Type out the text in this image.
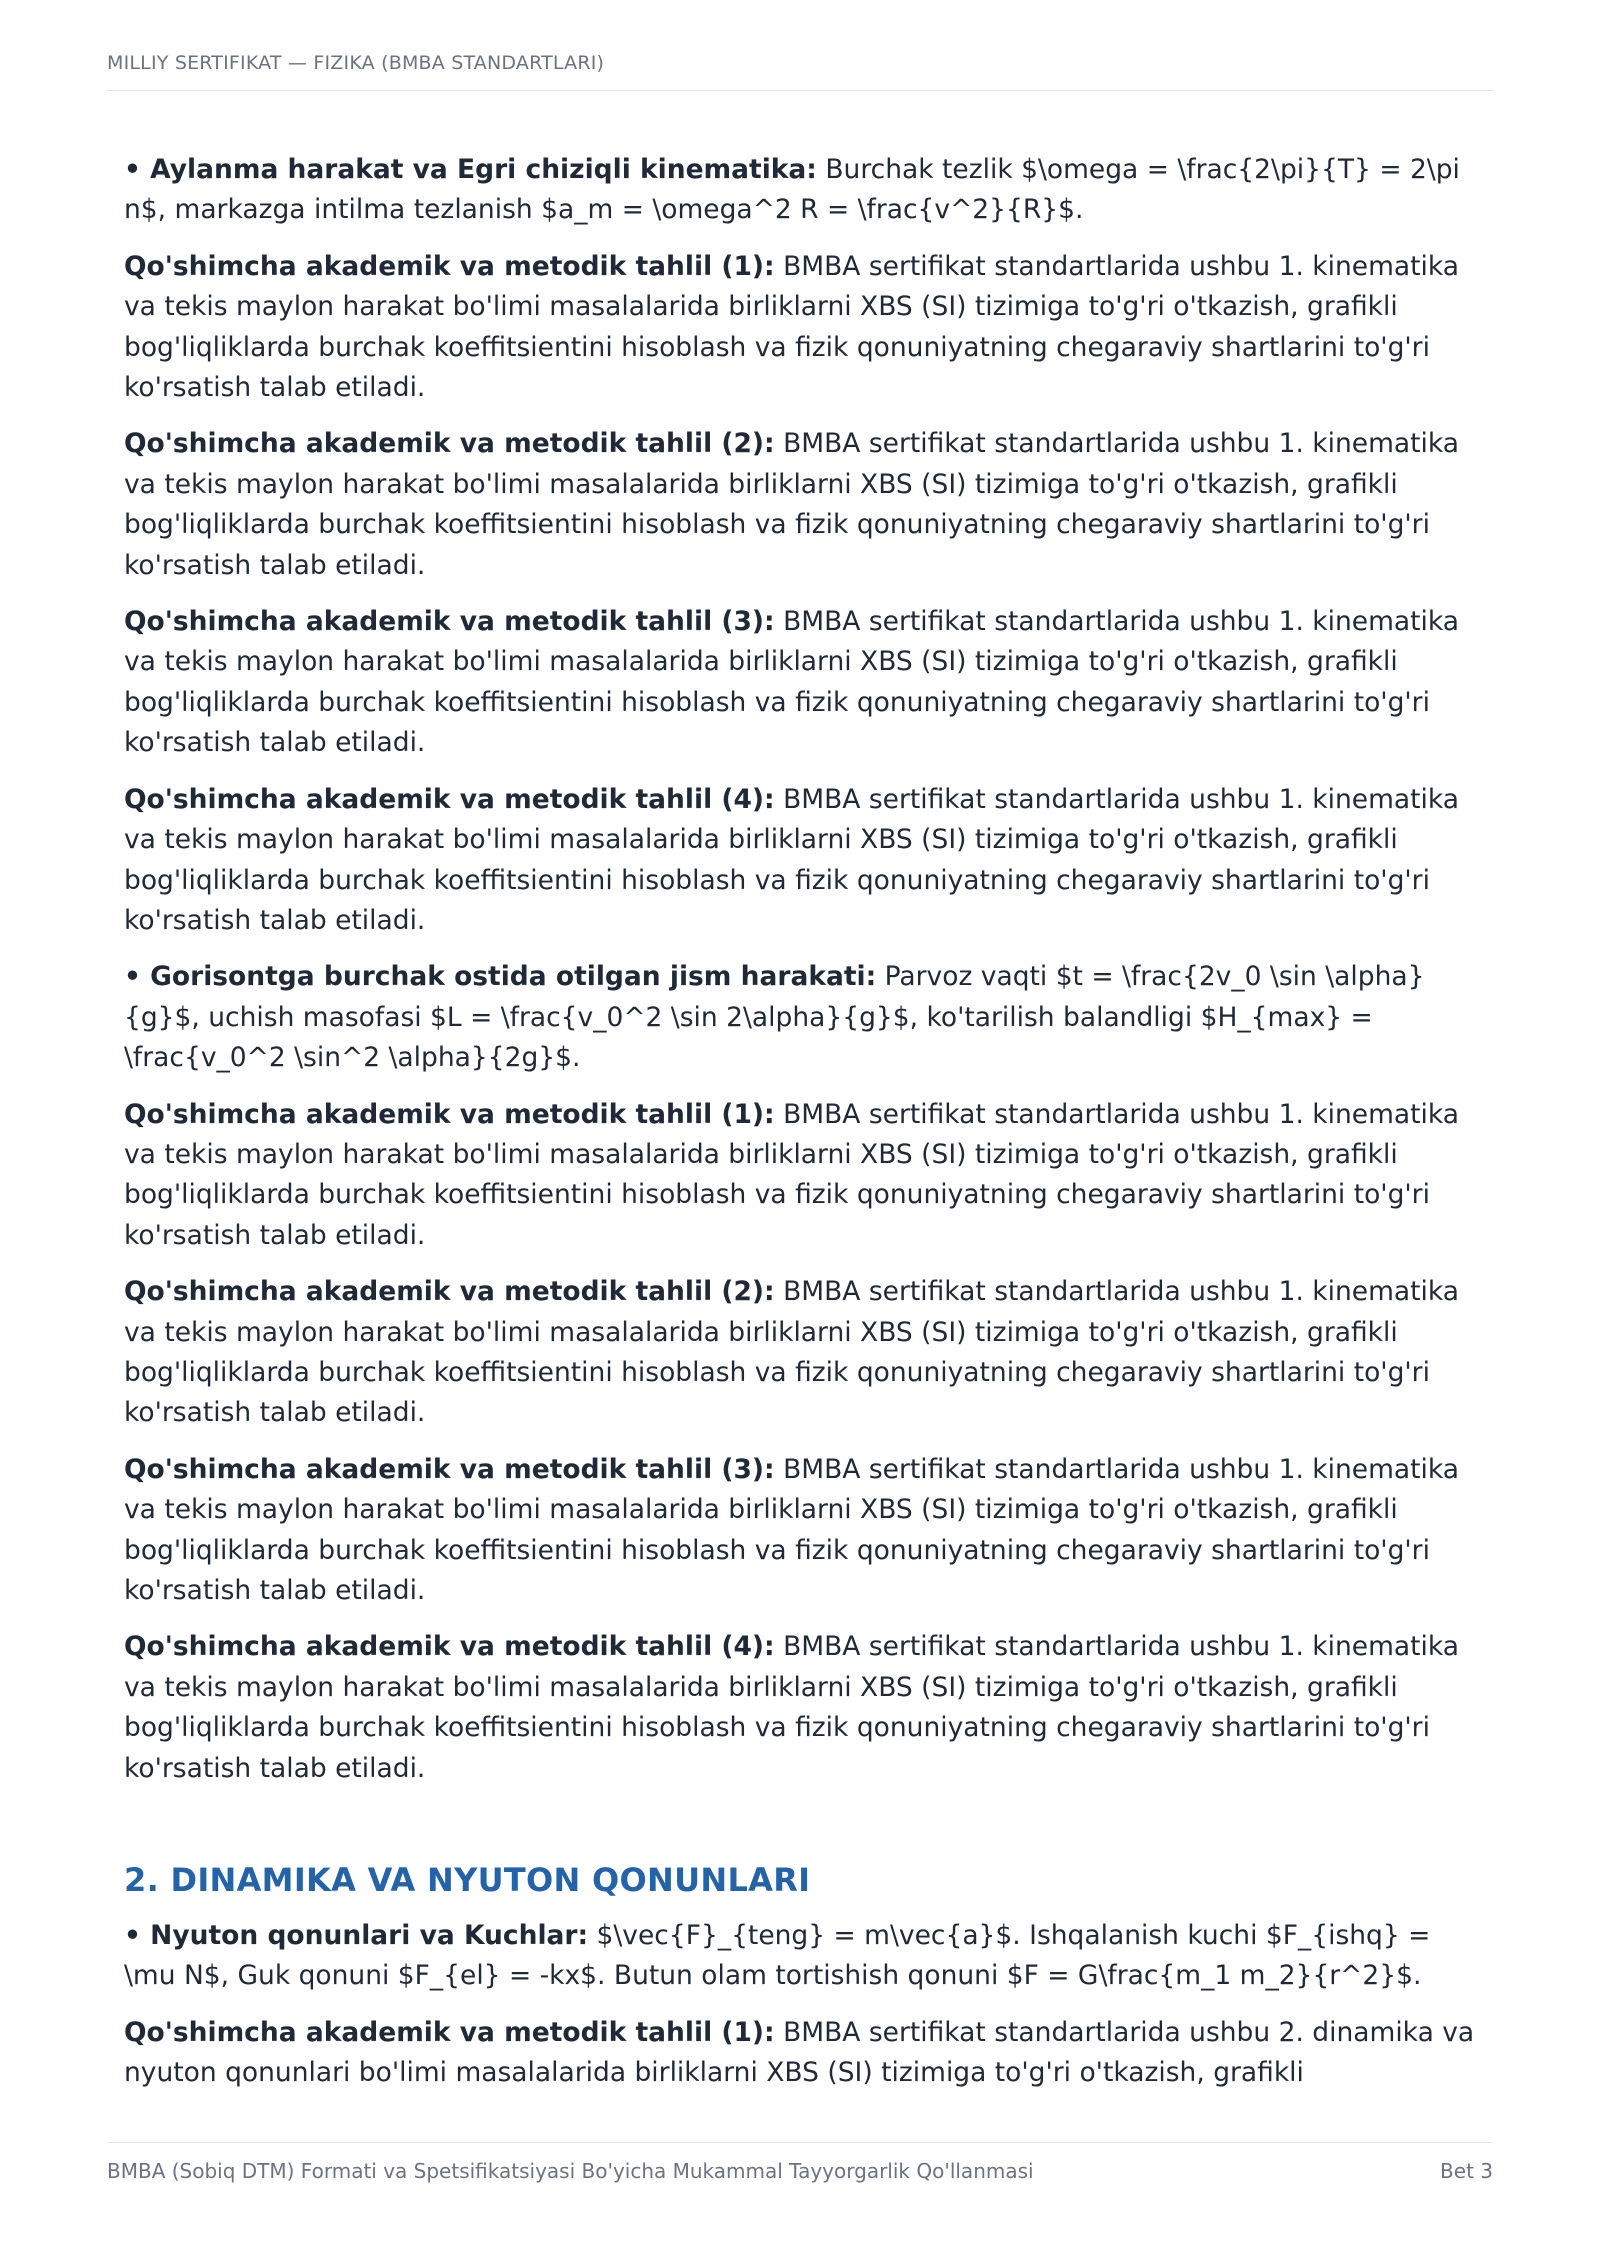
MILLIY SERTIFIKAT — FIZIKA (BMBA STANDARTLARI)
• Aylanma harakat va Egri chiziqli kinematika: Burchak tezlik $\omega = \frac{2\pi}{T} = 2\pi n$, markazga intilma tezlanish $a_m = \omega^2 R = \frac{v^2}{R}$.
Qo'shimcha akademik va metodik tahlil (1): BMBA sertifikat standartlarida ushbu 1. kinematika va tekis maylon harakat bo'limi masalalarida birliklarni XBS (SI) tizimiga to'g'ri o'tkazish, grafikli bog'liqliklarda burchak koeffitsientini hisoblash va fizik qonuniyatning chegaraviy shartlarini to'g'ri ko'rsatish talab etiladi.
Qo'shimcha akademik va metodik tahlil (2): BMBA sertifikat standartlarida ushbu 1. kinematika va tekis maylon harakat bo'limi masalalarida birliklarni XBS (SI) tizimiga to'g'ri o'tkazish, grafikli bog'liqliklarda burchak koeffitsientini hisoblash va fizik qonuniyatning chegaraviy shartlarini to'g'ri ko'rsatish talab etiladi.
Qo'shimcha akademik va metodik tahlil (3): BMBA sertifikat standartlarida ushbu 1. kinematika va tekis maylon harakat bo'limi masalalarida birliklarni XBS (SI) tizimiga to'g'ri o'tkazish, grafikli bog'liqliklarda burchak koeffitsientini hisoblash va fizik qonuniyatning chegaraviy shartlarini to'g'ri ko'rsatish talab etiladi.
Qo'shimcha akademik va metodik tahlil (4): BMBA sertifikat standartlarida ushbu 1. kinematika va tekis maylon harakat bo'limi masalalarida birliklarni XBS (SI) tizimiga to'g'ri o'tkazish, grafikli bog'liqliklarda burchak koeffitsientini hisoblash va fizik qonuniyatning chegaraviy shartlarini to'g'ri ko'rsatish talab etiladi.
• Gorisontga burchak ostida otilgan jism harakati: Parvoz vaqti $t = \frac{2v_0 \sin \alpha}{g}$, uchish masofasi $L = \frac{v_0^2 \sin 2\alpha}{g}$, ko'tarilish balandligi $H_{max} = \frac{v_0^2 \sin^2 \alpha}{2g}$.
Qo'shimcha akademik va metodik tahlil (1): BMBA sertifikat standartlarida ushbu 1. kinematika va tekis maylon harakat bo'limi masalalarida birliklarni XBS (SI) tizimiga to'g'ri o'tkazish, grafikli bog'liqliklarda burchak koeffitsientini hisoblash va fizik qonuniyatning chegaraviy shartlarini to'g'ri ko'rsatish talab etiladi.
Qo'shimcha akademik va metodik tahlil (2): BMBA sertifikat standartlarida ushbu 1. kinematika va tekis maylon harakat bo'limi masalalarida birliklarni XBS (SI) tizimiga to'g'ri o'tkazish, grafikli bog'liqliklarda burchak koeffitsientini hisoblash va fizik qonuniyatning chegaraviy shartlarini to'g'ri ko'rsatish talab etiladi.
Qo'shimcha akademik va metodik tahlil (3): BMBA sertifikat standartlarida ushbu 1. kinematika va tekis maylon harakat bo'limi masalalarida birliklarni XBS (SI) tizimiga to'g'ri o'tkazish, grafikli bog'liqliklarda burchak koeffitsientini hisoblash va fizik qonuniyatning chegaraviy shartlarini to'g'ri ko'rsatish talab etiladi.
Qo'shimcha akademik va metodik tahlil (4): BMBA sertifikat standartlarida ushbu 1. kinematika va tekis maylon harakat bo'limi masalalarida birliklarni XBS (SI) tizimiga to'g'ri o'tkazish, grafikli bog'liqliklarda burchak koeffitsientini hisoblash va fizik qonuniyatning chegaraviy shartlarini to'g'ri ko'rsatish talab etiladi.
2. DINAMIKA VA NYUTON QONUNLARI
• Nyuton qonunlari va Kuchlar: $\vec{F}_{teng} = m\vec{a}$. Ishqalanish kuchi $F_{ishq} = \mu N$, Guk qonuni $F_{el} = -kx$. Butun olam tortishish qonuni $F = G\frac{m_1 m_2}{r^2}$.
Qo'shimcha akademik va metodik tahlil (1): BMBA sertifikat standartlarida ushbu 2. dinamika va nyuton qonunlari bo'limi masalalarida birliklarni XBS (SI) tizimiga to'g'ri o'tkazish, grafikli
BMBA (Sobiq DTM) Formati va Spetsifikatsiyasi Bo'yicha Mukammal Tayyorgarlik Qo'llanmasi	Bet 3
